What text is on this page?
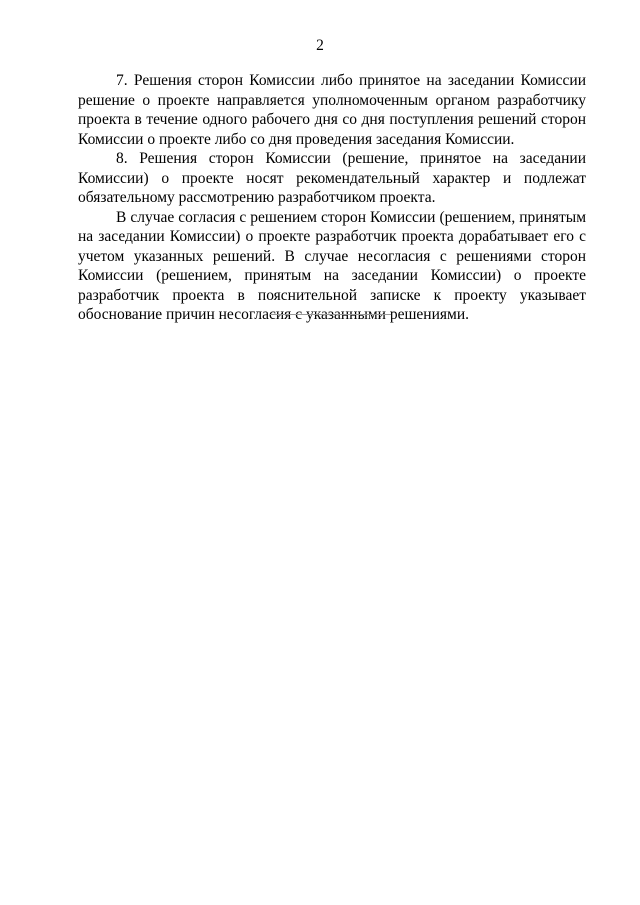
2

7. Решения сторон Комиссии либо принятое на заседании Комиссии решение о проекте направляется уполномоченным органом разработчику проекта в течение одного рабочего дня со дня поступления решений сторон Комиссии о проекте либо со дня проведения заседания Комиссии.

8. Решения сторон Комиссии (решение, принятое на заседании Комиссии) о проекте носят рекомендательный характер и подлежат обязательному рассмотрению разработчиком проекта.

В случае согласия с решением сторон Комиссии (решением, принятым на заседании Комиссии) о проекте разработчик проекта дорабатывает его с учетом указанных решений. В случае несогласия с решениями сторон Комиссии (решением, принятым на заседании Комиссии) о проекте разработчик проекта в пояснительной записке к проекту указывает обоснование причин несогласия с указанными решениями.
